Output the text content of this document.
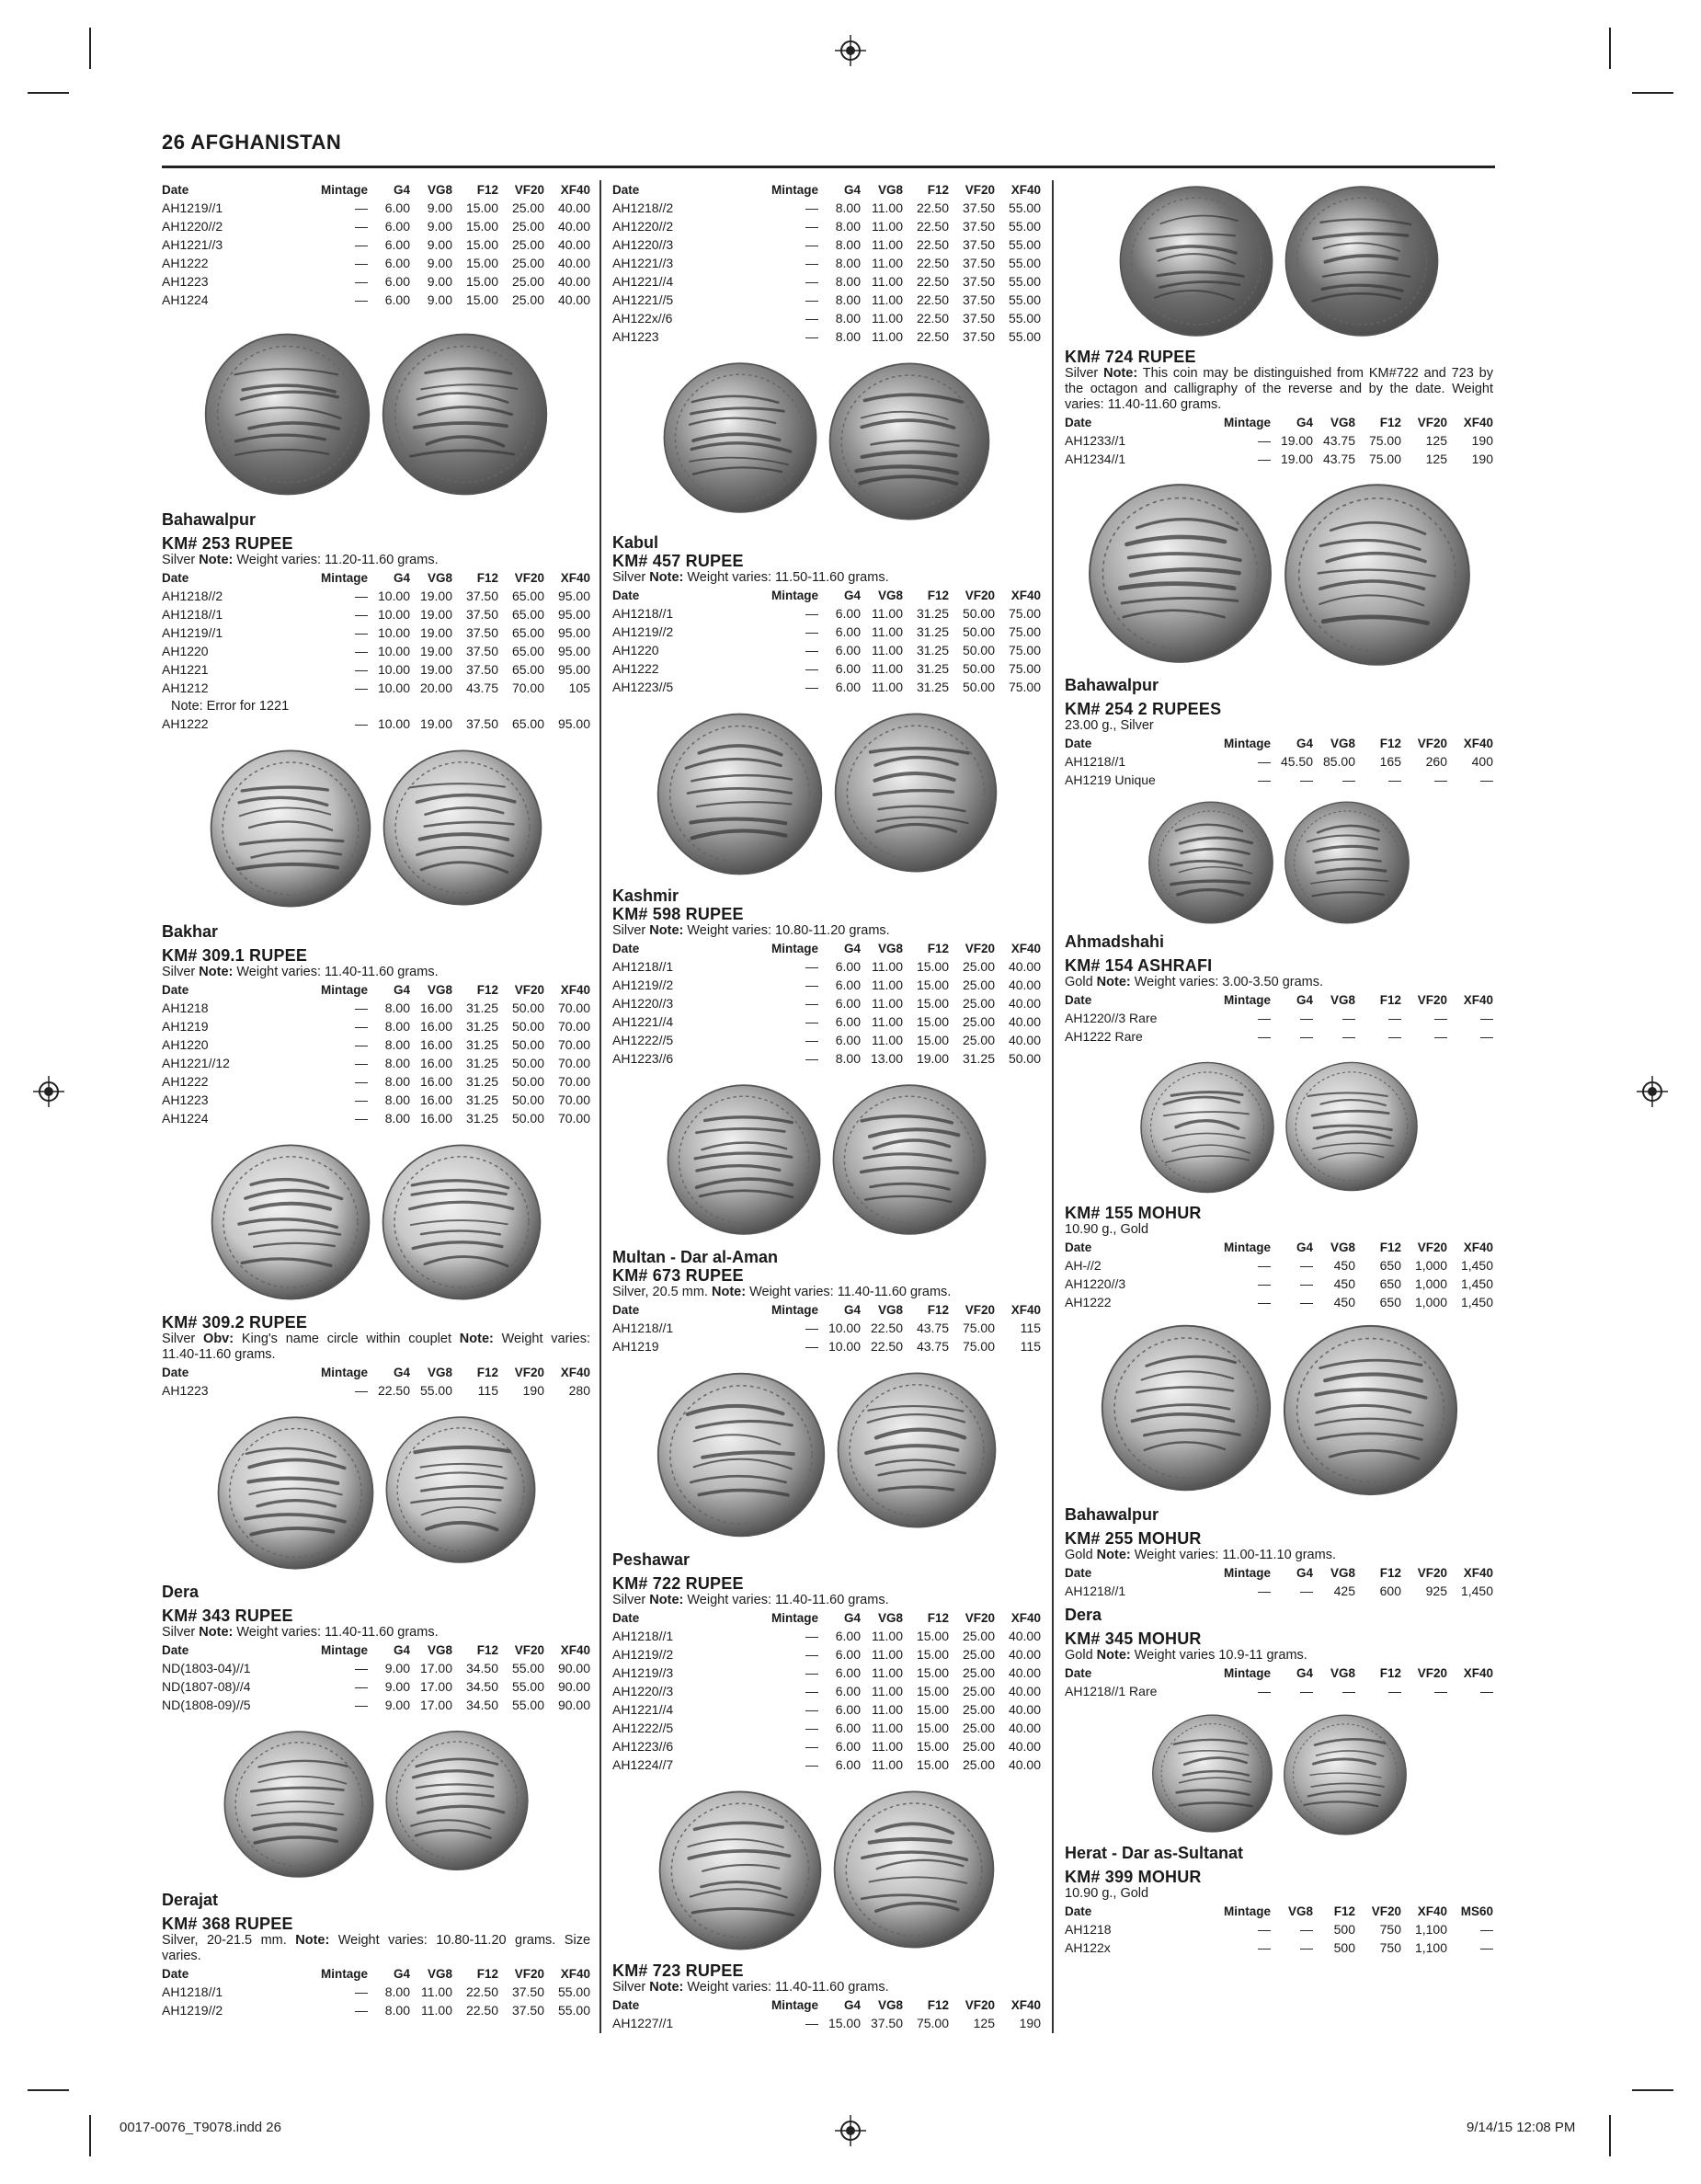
26 AFGHANISTAN
Date	Mintage	G4	VG8	F12	VF20	XF40
AH1219//1	—	6.00	9.00	15.00	25.00	40.00
AH1220//2	—	6.00	9.00	15.00	25.00	40.00
AH1221//3	—	6.00	9.00	15.00	25.00	40.00
AH1222	—	6.00	9.00	15.00	25.00	40.00
AH1223	—	6.00	9.00	15.00	25.00	40.00
AH1224	—	6.00	9.00	15.00	25.00	40.00
Bahawalpur
KM# 253 RUPEE
Silver Note: Weight varies: 11.20-11.60 grams.
Date	Mintage	G4	VG8	F12	VF20	XF40
AH1218//2	—	10.00	19.00	37.50	65.00	95.00
AH1218//1	—	10.00	19.00	37.50	65.00	95.00
AH1219//1	—	10.00	19.00	37.50	65.00	95.00
AH1220	—	10.00	19.00	37.50	65.00	95.00
AH1221	—	10.00	19.00	37.50	65.00	95.00
AH1212	—	10.00	20.00	43.75	70.00	105
Note: Error for 1221
AH1222	—	10.00	19.00	37.50	65.00	95.00
Bakhar
KM# 309.1 RUPEE
Silver Note: Weight varies: 11.40-11.60 grams.
Date	Mintage	G4	VG8	F12	VF20	XF40
AH1218	—	8.00	16.00	31.25	50.00	70.00
AH1219	—	8.00	16.00	31.25	50.00	70.00
AH1220	—	8.00	16.00	31.25	50.00	70.00
AH1221//12	—	8.00	16.00	31.25	50.00	70.00
AH1222	—	8.00	16.00	31.25	50.00	70.00
AH1223	—	8.00	16.00	31.25	50.00	70.00
AH1224	—	8.00	16.00	31.25	50.00	70.00
KM# 309.2 RUPEE
Silver Obv: King's name circle within couplet Note: Weight varies: 11.40-11.60 grams.
Date	Mintage	G4	VG8	F12	VF20	XF40
AH1223	—	22.50	55.00	115	190	280
Dera
KM# 343 RUPEE
Silver Note: Weight varies: 11.40-11.60 grams.
Date	Mintage	G4	VG8	F12	VF20	XF40
ND(1803-04)//1	—	9.00	17.00	34.50	55.00	90.00
ND(1807-08)//4	—	9.00	17.00	34.50	55.00	90.00
ND(1808-09)//5	—	9.00	17.00	34.50	55.00	90.00
Derajat
KM# 368 RUPEE
Silver, 20-21.5 mm. Note: Weight varies: 10.80-11.20 grams. Size varies.
Date	Mintage	G4	VG8	F12	VF20	XF40
AH1218//1	—	8.00	11.00	22.50	37.50	55.00
AH1219//2	—	8.00	11.00	22.50	37.50	55.00
Date	Mintage	G4	VG8	F12	VF20	XF40
AH1218//2	—	8.00	11.00	22.50	37.50	55.00
AH1220//2	—	8.00	11.00	22.50	37.50	55.00
AH1220//3	—	8.00	11.00	22.50	37.50	55.00
AH1221//3	—	8.00	11.00	22.50	37.50	55.00
AH1221//4	—	8.00	11.00	22.50	37.50	55.00
AH1221//5	—	8.00	11.00	22.50	37.50	55.00
AH122x//6	—	8.00	11.00	22.50	37.50	55.00
AH1223	—	8.00	11.00	22.50	37.50	55.00
Kabul
KM# 457 RUPEE
Silver Note: Weight varies: 11.50-11.60 grams.
Date	Mintage	G4	VG8	F12	VF20	XF40
AH1218//1	—	6.00	11.00	31.25	50.00	75.00
AH1219//2	—	6.00	11.00	31.25	50.00	75.00
AH1220	—	6.00	11.00	31.25	50.00	75.00
AH1222	—	6.00	11.00	31.25	50.00	75.00
AH1223//5	—	6.00	11.00	31.25	50.00	75.00
Kashmir
KM# 598 RUPEE
Silver Note: Weight varies: 10.80-11.20 grams.
Date	Mintage	G4	VG8	F12	VF20	XF40
AH1218//1	—	6.00	11.00	15.00	25.00	40.00
AH1219//2	—	6.00	11.00	15.00	25.00	40.00
AH1220//3	—	6.00	11.00	15.00	25.00	40.00
AH1221//4	—	6.00	11.00	15.00	25.00	40.00
AH1222//5	—	6.00	11.00	15.00	25.00	40.00
AH1223//6	—	8.00	13.00	19.00	31.25	50.00
Multan - Dar al-Aman
KM# 673 RUPEE
Silver, 20.5 mm. Note: Weight varies: 11.40-11.60 grams.
Date	Mintage	G4	VG8	F12	VF20	XF40
AH1218//1	—	10.00	22.50	43.75	75.00	115
AH1219	—	10.00	22.50	43.75	75.00	115
Peshawar
KM# 722 RUPEE
Silver Note: Weight varies: 11.40-11.60 grams.
Date	Mintage	G4	VG8	F12	VF20	XF40
AH1218//1	—	6.00	11.00	15.00	25.00	40.00
AH1219//2	—	6.00	11.00	15.00	25.00	40.00
AH1219//3	—	6.00	11.00	15.00	25.00	40.00
AH1220//3	—	6.00	11.00	15.00	25.00	40.00
AH1221//4	—	6.00	11.00	15.00	25.00	40.00
AH1222//5	—	6.00	11.00	15.00	25.00	40.00
AH1223//6	—	6.00	11.00	15.00	25.00	40.00
AH1224//7	—	6.00	11.00	15.00	25.00	40.00
KM# 723 RUPEE
Silver Note: Weight varies: 11.40-11.60 grams.
Date	Mintage	G4	VG8	F12	VF20	XF40
AH1227//1	—	15.00	37.50	75.00	125	190
KM# 724 RUPEE
Silver Note: This coin may be distinguished from KM#722 and 723 by the octagon and calligraphy of the reverse and by the date. Weight varies: 11.40-11.60 grams.
Date	Mintage	G4	VG8	F12	VF20	XF40
AH1233//1	—	19.00	43.75	75.00	125	190
AH1234//1	—	19.00	43.75	75.00	125	190
Bahawalpur
KM# 254 2 RUPEES
23.00 g., Silver
Date	Mintage	G4	VG8	F12	VF20	XF40
AH1218//1	—	45.50	85.00	165	260	400
AH1219 Unique	—	—	—	—	—	—
Ahmadshahi
KM# 154 ASHRAFI
Gold Note: Weight varies: 3.00-3.50 grams.
Date	Mintage	G4	VG8	F12	VF20	XF40
AH1220//3 Rare	—	—	—	—	—	—
AH1222 Rare	—	—	—	—	—	—
KM# 155 MOHUR
10.90 g., Gold
Date	Mintage	G4	VG8	F12	VF20	XF40
AH-//2	—	—	450	650	1,000	1,450
AH1220//3	—	—	450	650	1,000	1,450
AH1222	—	—	450	650	1,000	1,450
Bahawalpur
KM# 255 MOHUR
Gold Note: Weight varies: 11.00-11.10 grams.
Date	Mintage	G4	VG8	F12	VF20	XF40
AH1218//1	—	—	425	600	925	1,450
Dera
KM# 345 MOHUR
Gold Note: Weight varies 10.9-11 grams.
Date	Mintage	G4	VG8	F12	VF20	XF40
AH1218//1 Rare	—	—	—	—	—	—
Herat - Dar as-Sultanat
KM# 399 MOHUR
10.90 g., Gold
Date	Mintage	VG8	F12	VF20	XF40	MS60
AH1218	—	—	500	750	1,100	—
AH122x	—	—	500	750	1,100	—
0017-0076_T9078.indd 26	9/14/15 12:08 PM
